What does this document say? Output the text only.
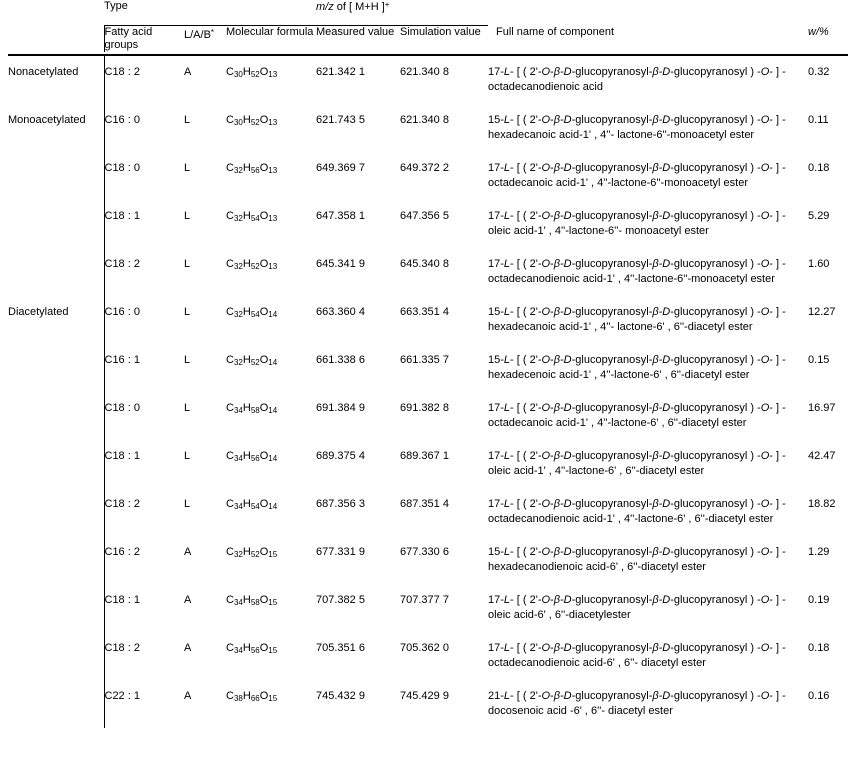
	Type			m/z of [ M+H ]+		
	Fatty acid groups	L/A/B*	Molecular formula	Measured value	Simulation value	Full name of component	w/%

Nonacetylated	C18 : 2	A	$C_{30}H_{52}O_{13}$	621.342 1	621.340 8	17-L- [ ( 2'-O-β-D-glucopyranosyl-β-D-glucopyranosyl ) -O- ] -
octadecanodienoic acid	0.32
Monoacetylated	C16 : 0	L	$C_{30}H_{52}O_{13}$	621.743 5	621.340 8	15-L- [ ( 2'-O-β-D-glucopyranosyl-β-D-glucopyranosyl ) -O- ] -
hexadecanoic acid-1' , 4''- lactone-6''-monoacetyl ester	0.11
	C18 : 0	L	$C_{32}H_{56}O_{13}$	649.369 7	649.372 2	17-L- [ ( 2'-O-β-D-glucopyranosyl-β-D-glucopyranosyl ) -O- ] -
octadecanoic acid-1' , 4''-lactone-6''-monoacetyl ester	0.18
	C18 : 1	L	$C_{32}H_{54}O_{13}$	647.358 1	647.356 5	17-L- [ ( 2'-O-β-D-glucopyranosyl-β-D-glucopyranosyl ) -O- ] -
oleic acid-1' , 4''-lactone-6''- monoacetyl ester	5.29
	C18 : 2	L	$C_{32}H_{52}O_{13}$	645.341 9	645.340 8	17-L- [ ( 2'-O-β-D-glucopyranosyl-β-D-glucopyranosyl ) -O- ] -
octadecanodienoic acid-1' , 4''-lactone-6''-monoacetyl ester	1.60
Diacetylated	C16 : 0	L	$C_{32}H_{54}O_{14}$	663.360 4	663.351 4	15-L- [ ( 2'-O-β-D-glucopyranosyl-β-D-glucopyranosyl ) -O- ] -
hexadecanoic acid-1' , 4''- lactone-6' , 6''-diacetyl ester	12.27
	C16 : 1	L	$C_{32}H_{52}O_{14}$	661.338 6	661.335 7	15-L- [ ( 2'-O-β-D-glucopyranosyl-β-D-glucopyranosyl ) -O- ] -
hexadecenoic acid-1' , 4''-lactone-6' , 6''-diacetyl ester	0.15
	C18 : 0	L	$C_{34}H_{58}O_{14}$	691.384 9	691.382 8	17-L- [ ( 2'-O-β-D-glucopyranosyl-β-D-glucopyranosyl ) -O- ] -
octadecanoic acid-1' , 4''-lactone-6' , 6''-diacetyl ester	16.97
	C18 : 1	L	$C_{34}H_{56}O_{14}$	689.375 4	689.367 1	17-L- [ ( 2'-O-β-D-glucopyranosyl-β-D-glucopyranosyl ) -O- ] -
oleic acid-1' , 4''-lactone-6' , 6''-diacetyl ester	42.47
	C18 : 2	L	$C_{34}H_{54}O_{14}$	687.356 3	687.351 4	17-L- [ ( 2'-O-β-D-glucopyranosyl-β-D-glucopyranosyl ) -O- ] -
octadecanodienoic acid-1' , 4''-lactone-6' , 6''-diacetyl ester	18.82
	C16 : 2	A	$C_{32}H_{52}O_{15}$	677.331 9	677.330 6	15-L- [ ( 2'-O-β-D-glucopyranosyl-β-D-glucopyranosyl ) -O- ] -
hexadecanodienoic acid-6' , 6''-diacetyl ester	1.29
	C18 : 1	A	$C_{34}H_{58}O_{15}$	707.382 5	707.377 7	17-L- [ ( 2'-O-β-D-glucopyranosyl-β-D-glucopyranosyl ) -O- ] -
oleic acid-6' , 6''-diacetylester	0.19
	C18 : 2	A	$C_{34}H_{56}O_{15}$	705.351 6	705.362 0	17-L- [ ( 2'-O-β-D-glucopyranosyl-β-D-glucopyranosyl ) -O- ] -
octadecanodienoic acid-6' , 6''- diacetyl ester	0.18
	C22 : 1	A	$C_{38}H_{66}O_{15}$	745.432 9	745.429 9	21-L- [ ( 2'-O-β-D-glucopyranosyl-β-D-glucopyranosyl ) -O- ] -
docosenoic acid -6' , 6''- diacetyl ester	0.16
